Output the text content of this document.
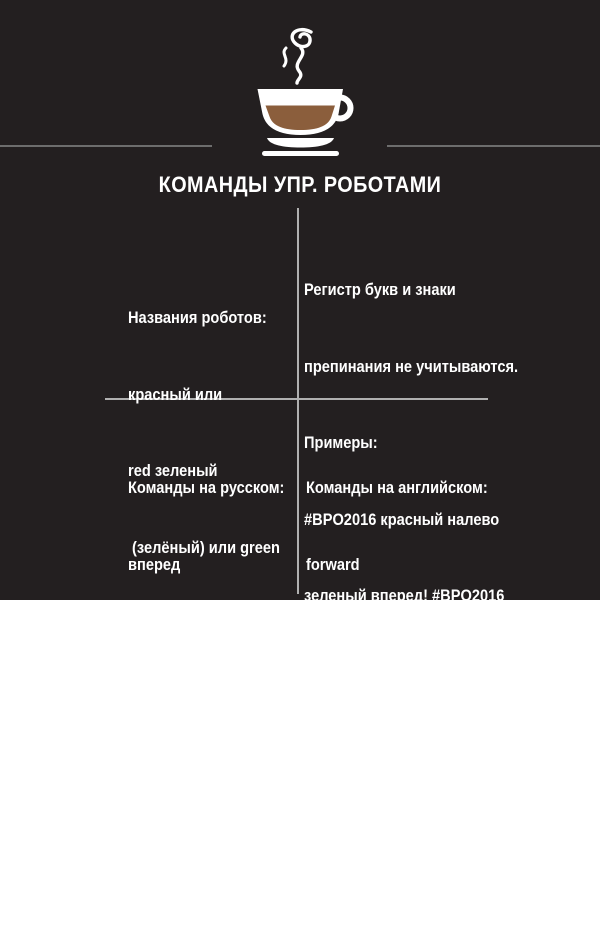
КОМАНДЫ УПР. РОБОТАМИ

Названия роботов:

красный или

red зеленый

(зелёный) или green

Регистр букв и знаки

препинания не учитываются.

Примеры:

#BPO2016 красный налево

зеленый вперед! #BPO2016

#BPO2016 разворот, красный

green go the right #BPO2016

Команды на русском:

вперед

назад

влево

вправо

разворот

Команды на английском:

forward

backward

left

right

turn
